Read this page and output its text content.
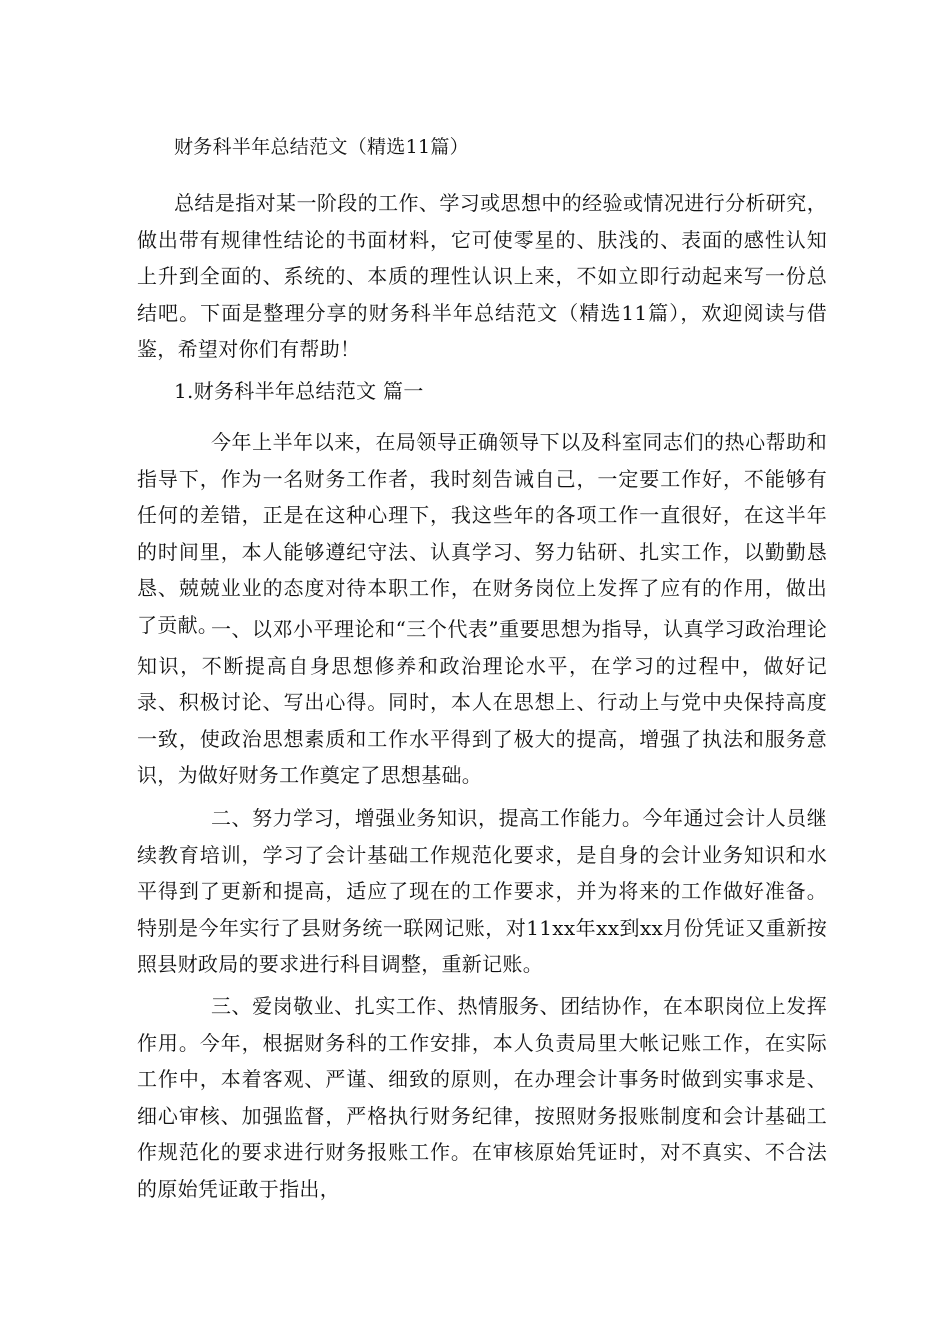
财务科半年总结范文（精选11篇）

总结是指对某一阶段的工作、学习或思想中的经验或情况进行分析研究，做出带有规律性结论的书面材料，它可使零星的、肤浅的、表面的感性认知上升到全面的、系统的、本质的理性认识上来，不如立即行动起来写一份总结吧。下面是整理分享的财务科半年总结范文（精选11篇），欢迎阅读与借鉴，希望对你们有帮助！

1.财务科半年总结范文 篇一

今年上半年以来，在局领导正确领导下以及科室同志们的热心帮助和指导下，作为一名财务工作者，我时刻告诫自己，一定要工作好，不能够有任何的差错，正是在这种心理下，我这些年的各项工作一直很好，在这半年的时间里，本人能够遵纪守法、认真学习、努力钻研、扎实工作，以勤勤恳恳、兢兢业业的态度对待本职工作，在财务岗位上发挥了应有的作用，做出了贡献。

一、以邓小平理论和“三个代表”重要思想为指导，认真学习政治理论知识，不断提高自身思想修养和政治理论水平，在学习的过程中，做好记录、积极讨论、写出心得。同时，本人在思想上、行动上与党中央保持高度一致，使政治思想素质和工作水平得到了极大的提高，增强了执法和服务意识，为做好财务工作奠定了思想基础。

二、努力学习，增强业务知识，提高工作能力。今年通过会计人员继续教育培训，学习了会计基础工作规范化要求，是自身的会计业务知识和水平得到了更新和提高，适应了现在的工作要求，并为将来的工作做好准备。特别是今年实行了县财务统一联网记账，对11xx年xx到xx月份凭证又重新按照县财政局的要求进行科目调整，重新记账。

三、爱岗敬业、扎实工作、热情服务、团结协作，在本职岗位上发挥作用。今年，根据财务科的工作安排，本人负责局里大帐记账工作，在实际工作中，本着客观、严谨、细致的原则，在办理会计事务时做到实事求是、细心审核、加强监督，严格执行财务纪律，按照财务报账制度和会计基础工作规范化的要求进行财务报账工作。在审核原始凭证时，对不真实、不合法的原始凭证敢于指出，
